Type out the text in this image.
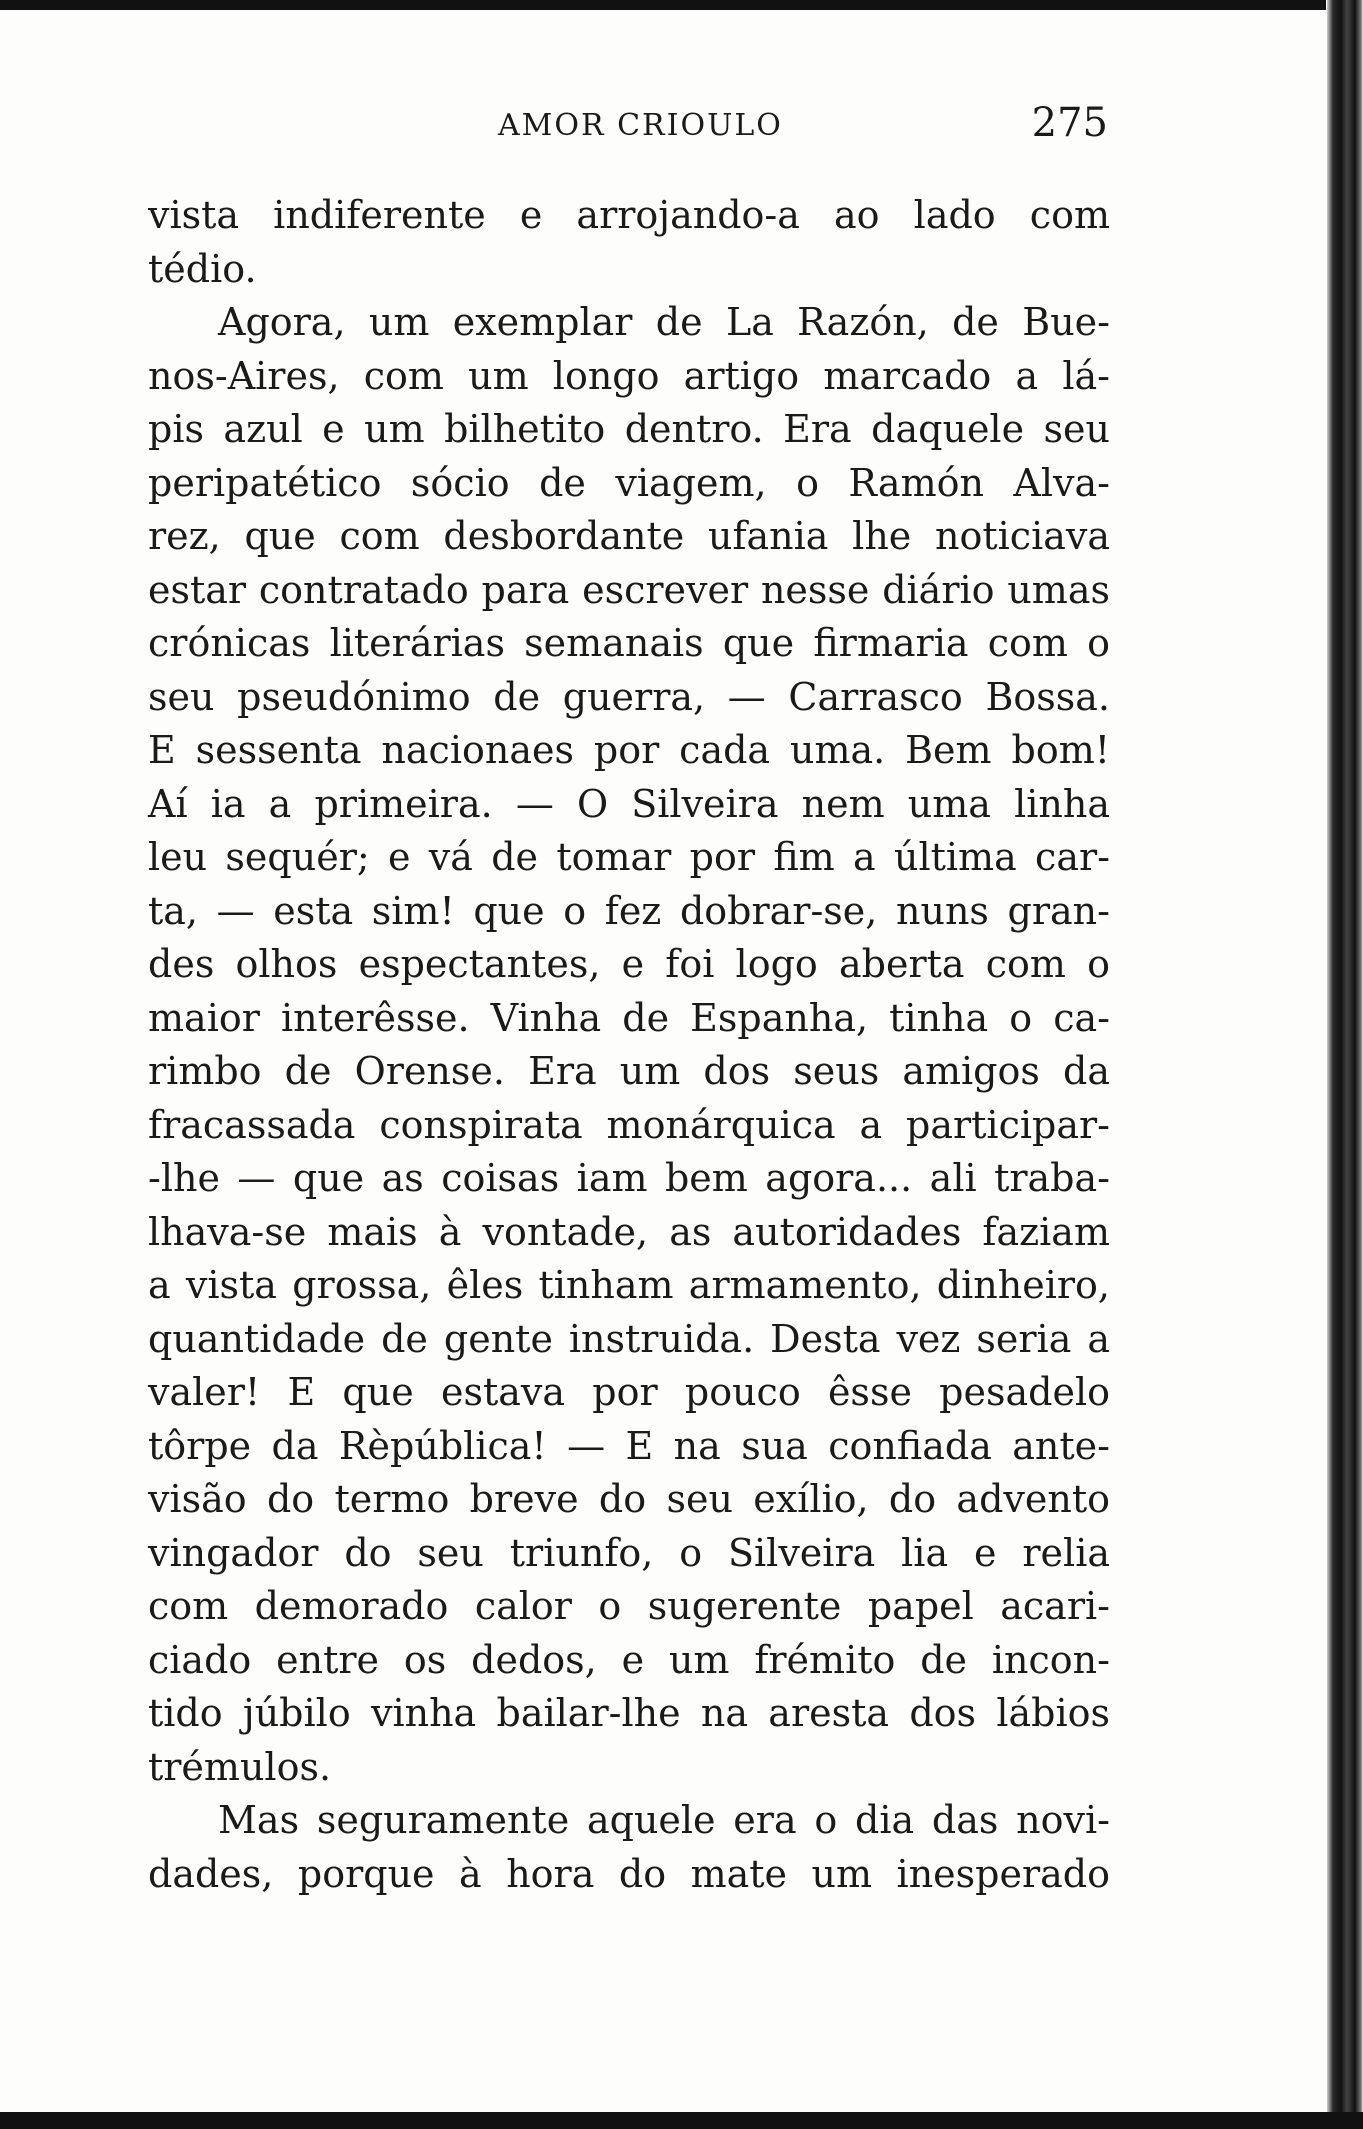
AMOR CRIOULO	275
vista indiferente e arrojando-a ao lado com
tédio.
Agora, um exemplar de La Razón, de Bue-
nos-Aires, com um longo artigo marcado a lá-
pis azul e um bilhetito dentro. Era daquele seu
peripatético sócio de viagem, o Ramón Alva-
rez, que com desbordante ufania lhe noticiava
estar contratado para escrever nesse diário umas
crónicas literárias semanais que firmaria com o
seu pseudónimo de guerra, — Carrasco Bossa.
E sessenta nacionaes por cada uma. Bem bom!
Aí ia a primeira. — O Silveira nem uma linha
leu sequér; e vá de tomar por fim a última car-
ta, — esta sim! que o fez dobrar-se, nuns gran-
des olhos espectantes, e foi logo aberta com o
maior interêsse. Vinha de Espanha, tinha o ca-
rimbo de Orense. Era um dos seus amigos da
fracassada conspirata monárquica a participar-
-lhe — que as coisas iam bem agora... ali traba-
lhava-se mais à vontade, as autoridades faziam
a vista grossa, êles tinham armamento, dinheiro,
quantidade de gente instruida. Desta vez seria a
valer! E que estava por pouco êsse pesadelo
tôrpe da Rèpública! — E na sua confiada ante-
visão do termo breve do seu exílio, do advento
vingador do seu triunfo, o Silveira lia e relia
com demorado calor o sugerente papel acari-
ciado entre os dedos, e um frémito de incon-
tido júbilo vinha bailar-lhe na aresta dos lábios
trémulos.
Mas seguramente aquele era o dia das novi-
dades, porque à hora do mate um inesperado
